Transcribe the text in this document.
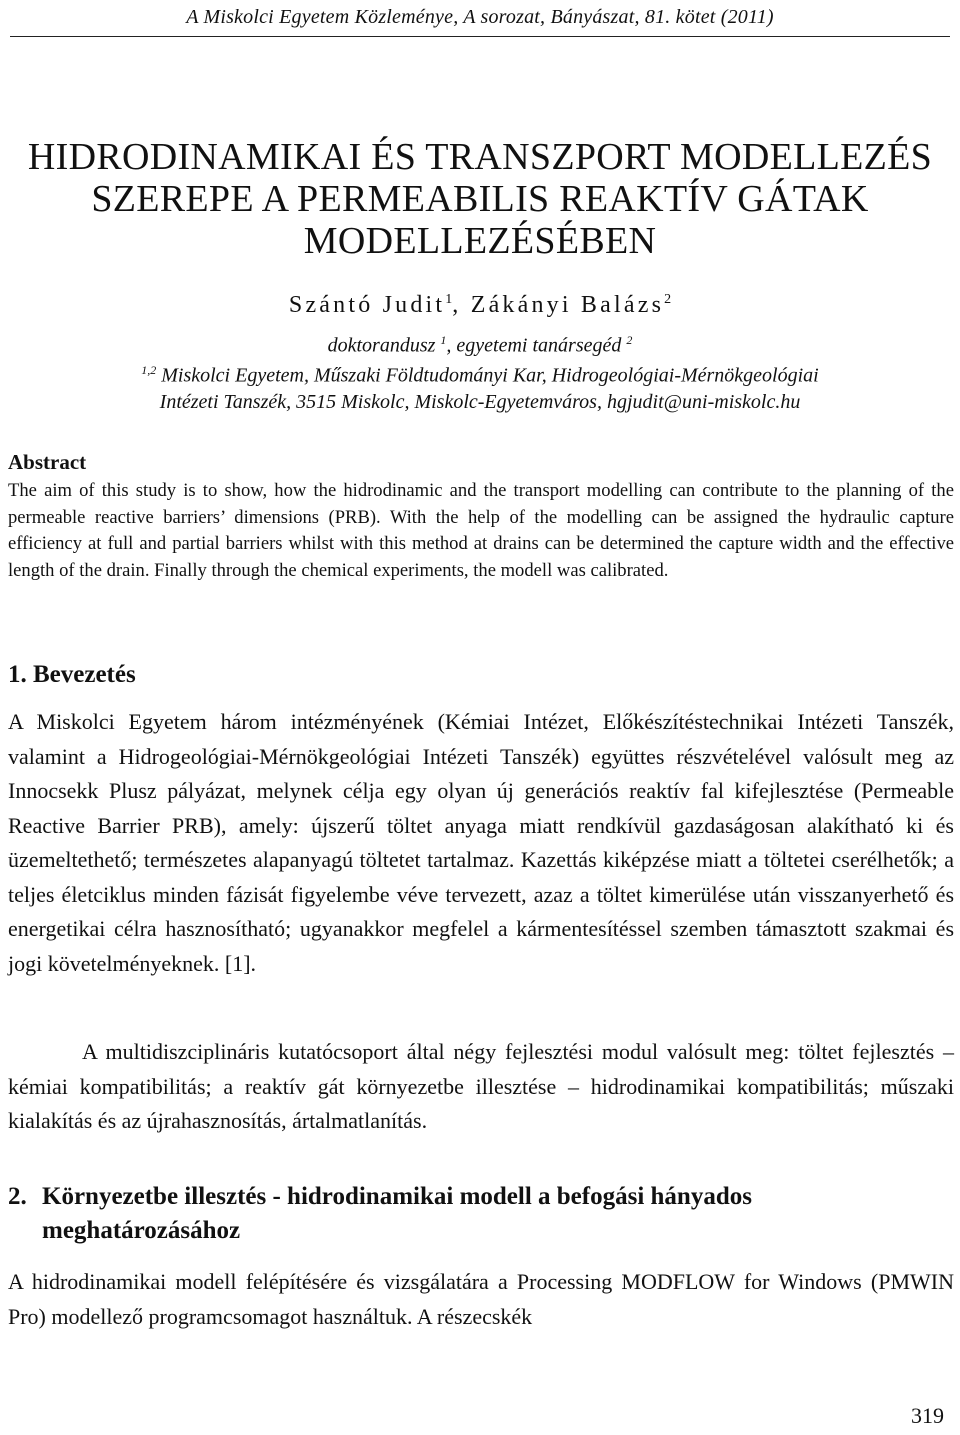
A Miskolci Egyetem Közleménye, A sorozat, Bányászat, 81. kötet (2011)
HIDRODINAMIKAI ÉS TRANSZPORT MODELLEZÉS
SZEREPE A PERMEABILIS REAKTÍV GÁTAK
MODELLEZÉSÉBEN
Szántó Judit$^1$, Zákányi Balázs$^2$
doktorandusz $^1$, egyetemi tanársegéd $^2$
$^{1,2}$ Miskolci Egyetem, Műszaki Földtudományi Kar, Hidrogeológiai-Mérnökgeológiai
Intézeti Tanszék, 3515 Miskolc, Miskolc-Egyetemváros, hgjudit@uni-miskolc.hu
Abstract
The aim of this study is to show, how the hidrodinamic and the transport modelling can contribute to the planning of the permeable reactive barriers’ dimensions (PRB). With the help of the modelling can be assigned the hydraulic capture efficiency at full and partial barriers whilst with this method at drains can be determined the capture width and the effective length of the drain. Finally through the chemical experiments, the modell was calibrated.
1. Bevezetés
A Miskolci Egyetem három intézményének (Kémiai Intézet, Előkészítéstechnikai Intézeti Tanszék, valamint a Hidrogeológiai-Mérnökgeológiai Intézeti Tanszék) együttes részvételével valósult meg az Innocsekk Plusz pályázat, melynek célja egy olyan új generációs reaktív fal kifejlesztése (Permeable Reactive Barrier PRB), amely: újszerű töltet anyaga miatt rendkívül gazdaságosan alakítható ki és üzemeltethető; természetes alapanyagú töltetet tartalmaz. Kazettás kiképzése miatt a töltetei cserélhetők; a teljes életciklus minden fázisát figyelembe véve tervezett, azaz a töltet kimerülése után visszanyerhető és energetikai célra hasznosítható; ugyanakkor megfelel a kármentesítéssel szemben támasztott szakmai és jogi követelményeknek. [1].
A multidiszciplináris kutatócsoport által négy fejlesztési modul valósult meg: töltet fejlesztés – kémiai kompatibilitás; a reaktív gát környezetbe illesztése – hidrodinamikai kompatibilitás; műszaki kialakítás és az újrahasznosítás, ártalmatlanítás.
2. Környezetbe illesztés - hidrodinamikai modell a befogási hányados
meghatározásához
A hidrodinamikai modell felépítésére és vizsgálatára a Processing MODFLOW for Windows (PMWIN Pro) modellező programcsomagot használtuk. A részecskék
319
